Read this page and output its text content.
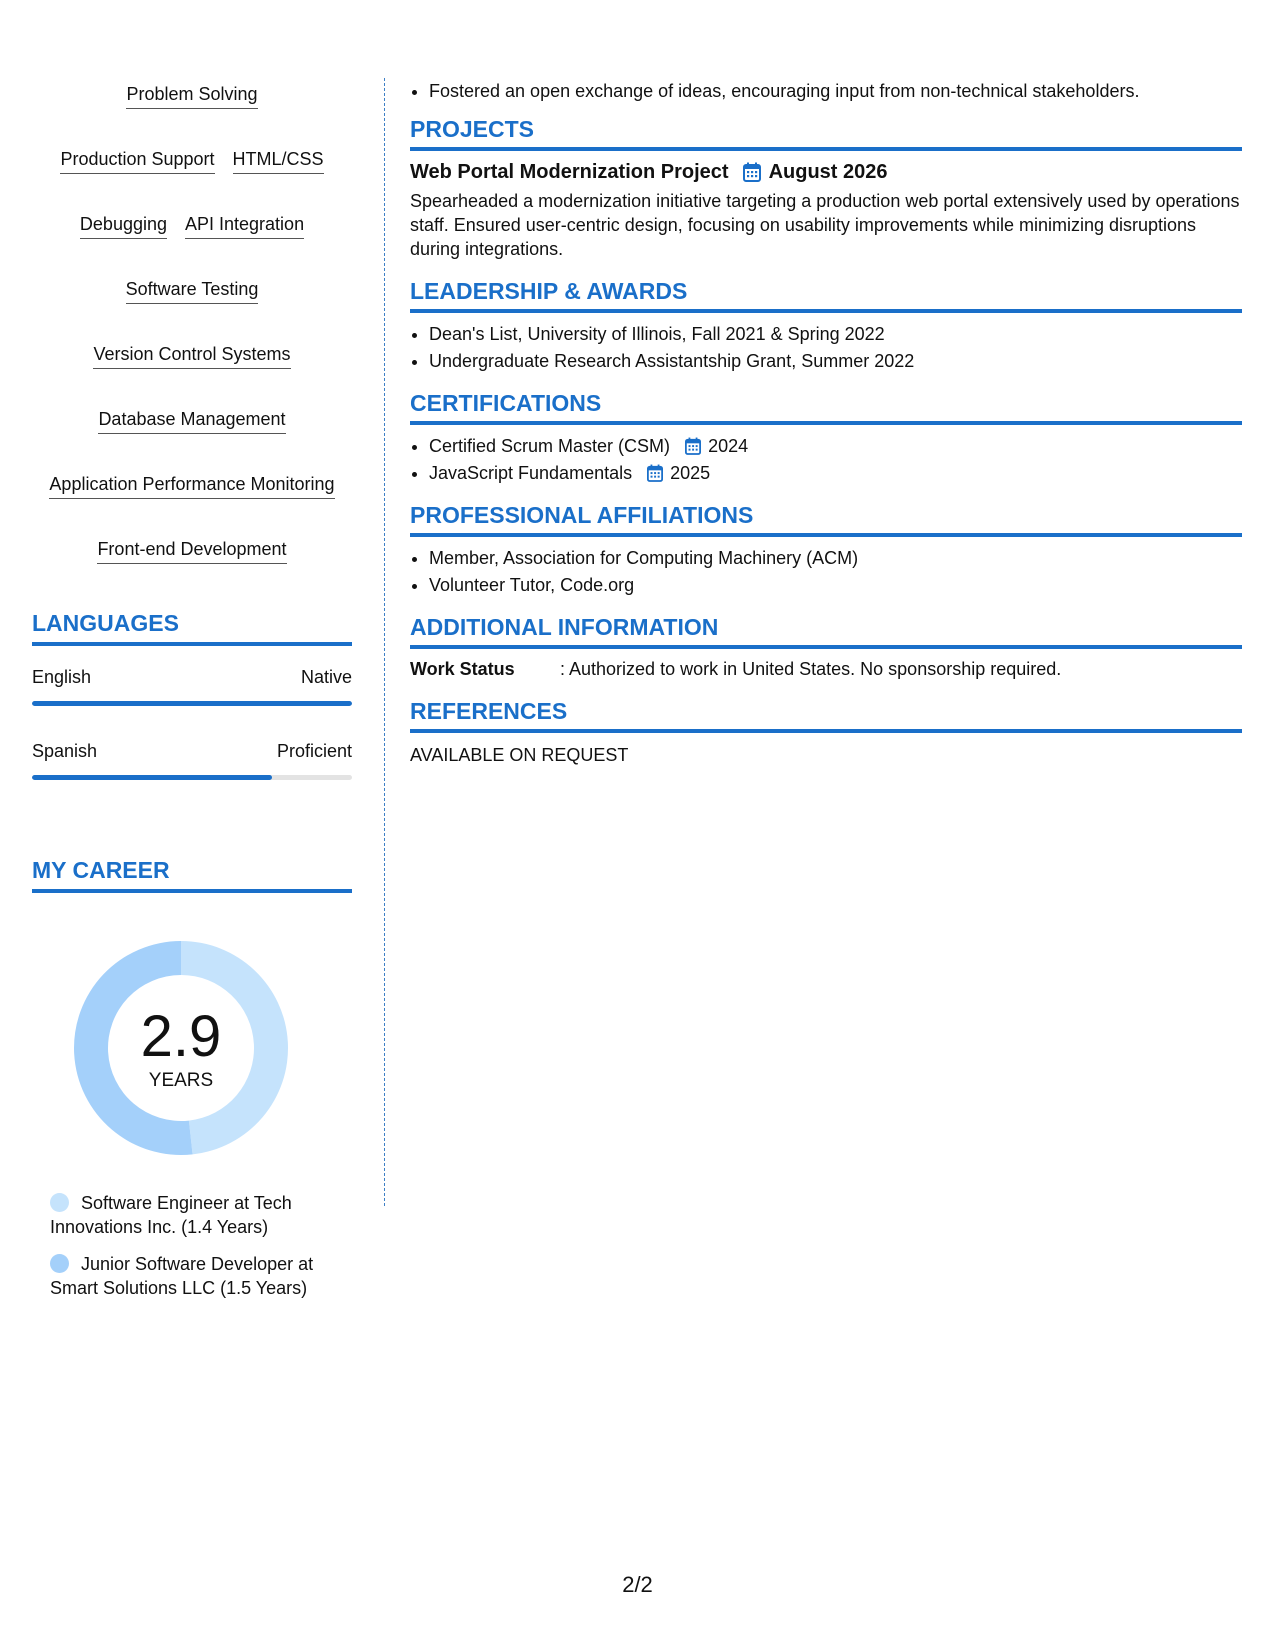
Problem Solving
Production Support HTML/CSS
Debugging API Integration
Software Testing
Version Control Systems
Database Management
Application Performance Monitoring
Front-end Development
LANGUAGES
English	Native
Spanish	Proficient
MY CAREER
2.9
YEARS
Software Engineer at Tech Innovations Inc. (1.4 Years)
Junior Software Developer at Smart Solutions LLC (1.5 Years)
• Fostered an open exchange of ideas, encouraging input from non-technical stakeholders.
PROJECTS
Web Portal Modernization Project August 2026
Spearheaded a modernization initiative targeting a production web portal extensively used by operations staff. Ensured user-centric design, focusing on usability improvements while minimizing disruptions during integrations.
LEADERSHIP & AWARDS
• Dean's List, University of Illinois, Fall 2021 & Spring 2022
• Undergraduate Research Assistantship Grant, Summer 2022
CERTIFICATIONS
• Certified Scrum Master (CSM) 2024
• JavaScript Fundamentals 2025
PROFESSIONAL AFFILIATIONS
• Member, Association for Computing Machinery (ACM)
• Volunteer Tutor, Code.org
ADDITIONAL INFORMATION
Work Status	: Authorized to work in United States. No sponsorship required.
REFERENCES
AVAILABLE ON REQUEST
2/2
